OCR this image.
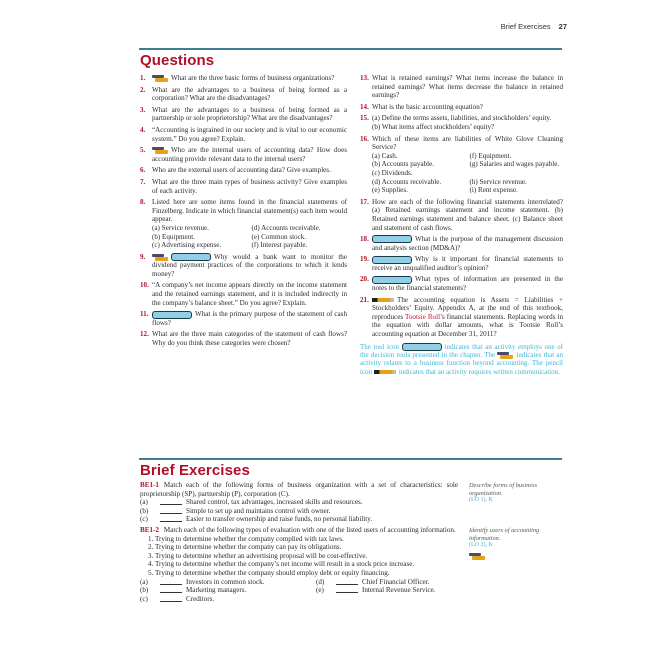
Brief Exercises 27
Questions
1.	What are the three basic forms of business organizations?
2. What are the advantages to a business of being formed as a corporation? What are the disadvantages?
3. What are the advantages to a business of being formed as a partnership or sole proprietorship? What are the disadvantages?
4. “Accounting is ingrained in our society and is vital to our economic system.” Do you agree? Explain.
5.	Who are the internal users of accounting data? How does accounting provide relevant data to the internal users?
6. Who are the external users of accounting data? Give examples.
7. What are the three main types of business activity? Give examples of each activity.
8. Listed here are some items found in the financial statements of Finzelberg. Indicate in which financial statement(s) each item would appear.
(a) Service revenue.	(d) Accounts receivable.
(b) Equipment.	(e) Common stock.
(c) Advertising expense.	(f) Interest payable.
9.	Why would a bank want to monitor the dividend payment practices of the corporations to which it lends money?
10. “A company’s net income appears directly on the income statement and the retained earnings statement, and it is included indirectly in the company’s balance sheet.” Do you agree? Explain.
11.	What is the primary purpose of the statement of cash flows?
12. What are the three main categories of the statement of cash flows? Why do you think these categories were chosen?
13. What is retained earnings? What items increase the balance in retained earnings? What items decrease the balance in retained earnings?
14. What is the basic accounting equation?
15. (a) Define the terms assets, liabilities, and stockholders’ equity.
(b) What items affect stockholders’ equity?
16. Which of these items are liabilities of White Glove Cleaning Service?
(a) Cash.	(f) Equipment.
(b) Accounts payable.	(g) Salaries and wages payable.
(c) Dividends.
(d) Accounts receivable.	(h) Service revenue.
(e) Supplies.	(i) Rent expense.
17. How are each of the following financial statements interrelated? (a) Retained earnings statement and income statement. (b) Retained earnings statement and balance sheet. (c) Balance sheet and statement of cash flows.
18.	What is the purpose of the management discussion and analysis section (MD&A)?
19.	Why is it important for financial statements to receive an unqualified auditor’s opinion?
20.	What types of information are presented in the notes to the financial statements?
21.	The accounting equation is Assets = Liabilities + Stockholders’ Equity. Appendix A, at the end of this textbook, reproduces Tootsie Roll’s financial statements. Replacing words in the equation with dollar amounts, what is Tootsie Roll’s accounting equation at December 31, 2011?
The tool icon	indicates that an activity employs one of the decision tools presented in the chapter. The	indicates that an activity relates to a business function beyond accounting. The pencil icon	indicates that an activity requires written communication.
Brief Exercises
BE1-1 Match each of the following forms of business organization with a set of characteristics: sole proprietorship (SP), partnership (P), corporation (C).
(a)	Shared control, tax advantages, increased skills and resources.
(b)	Simple to set up and maintains control with owner.
(c)	Easier to transfer ownership and raise funds, no personal liability.
Describe forms of business organization.
(LO 1), K
BE1-2 Match each of the following types of evaluation with one of the listed users of accounting information.
1. Trying to determine whether the company complied with tax laws.
2. Trying to determine whether the company can pay its obligations.
3. Trying to determine whether an advertising proposal will be cost-effective.
4. Trying to determine whether the company’s net income will result in a stock price increase.
5. Trying to determine whether the company should employ debt or equity financing.
(a)	Investors in common stock.	(d)	Chief Financial Officer.
(b)	Marketing managers.	(e)	Internal Revenue Service.
(c)	Creditors.
Identify users of accounting information.
(LO 2), K
